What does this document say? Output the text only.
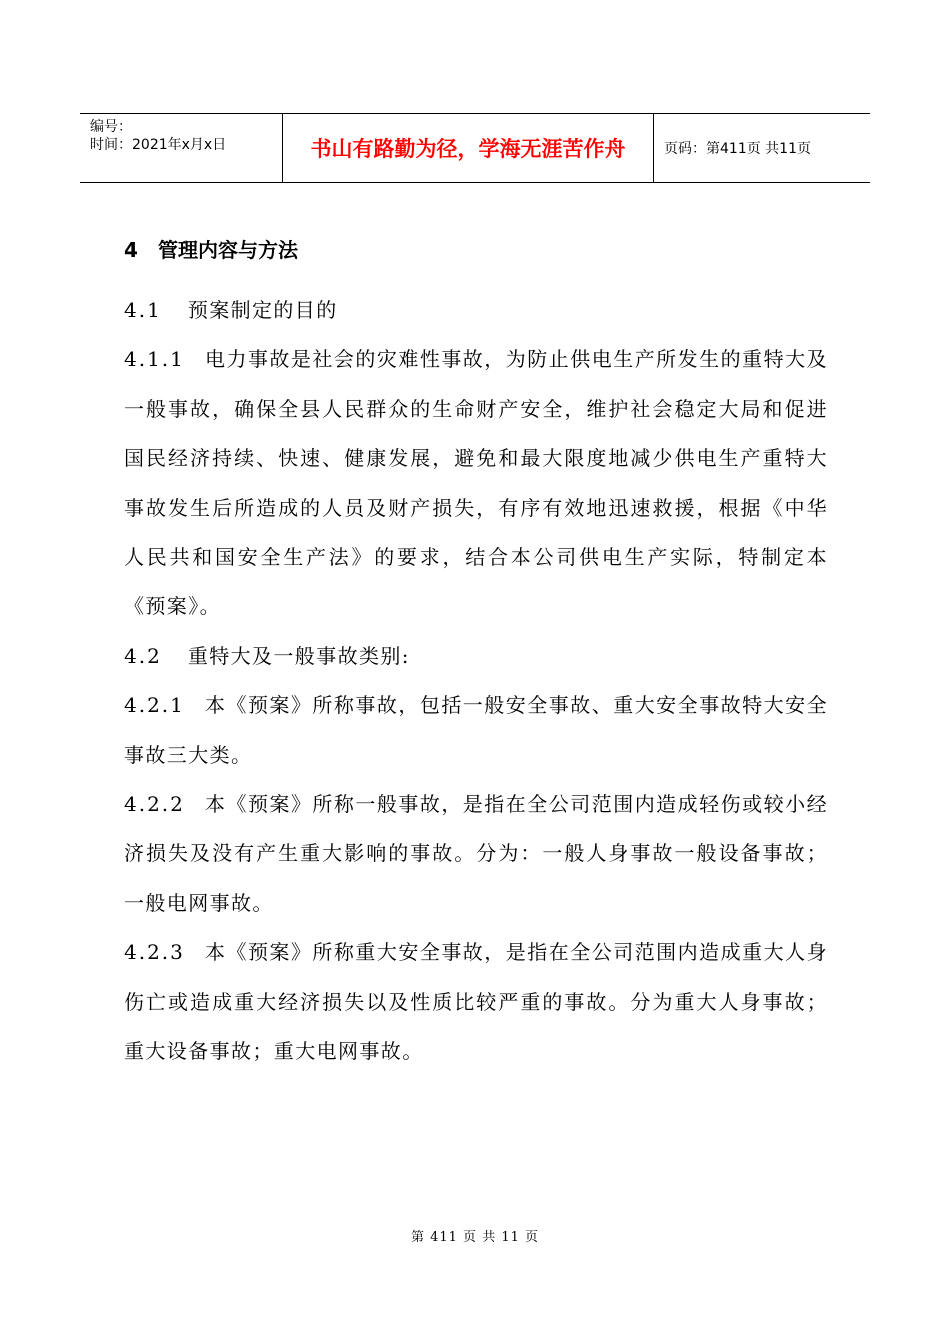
编号：
时间：2021年x月x日	书山有路勤为径，学海无涯苦作舟	页码：第411页 共11页
4 管理内容与方法
4.1 预案制定的目的
4.1.1 电力事故是社会的灾难性事故，为防止供电生产所发生的重特大及一般事故，确保全县人民群众的生命财产安全，维护社会稳定大局和促进国民经济持续、快速、健康发展，避免和最大限度地减少供电生产重特大事故发生后所造成的人员及财产损失，有序有效地迅速救援，根据《中华人民共和国安全生产法》的要求，结合本公司供电生产实际，特制定本《预案》。
4.2 重特大及一般事故类别:
4.2.1 本《预案》所称事故，包括一般安全事故、重大安全事故特大安全事故三大类。
4.2.2 本《预案》所称一般事故，是指在全公司范围内造成轻伤或较小经济损失及没有产生重大影响的事故。分为：一般人身事故一般设备事故；一般电网事故。
4.2.3 本《预案》所称重大安全事故，是指在全公司范围内造成重大人身伤亡或造成重大经济损失以及性质比较严重的事故。分为重大人身事故；重大设备事故；重大电网事故。
第 411 页 共 11 页
